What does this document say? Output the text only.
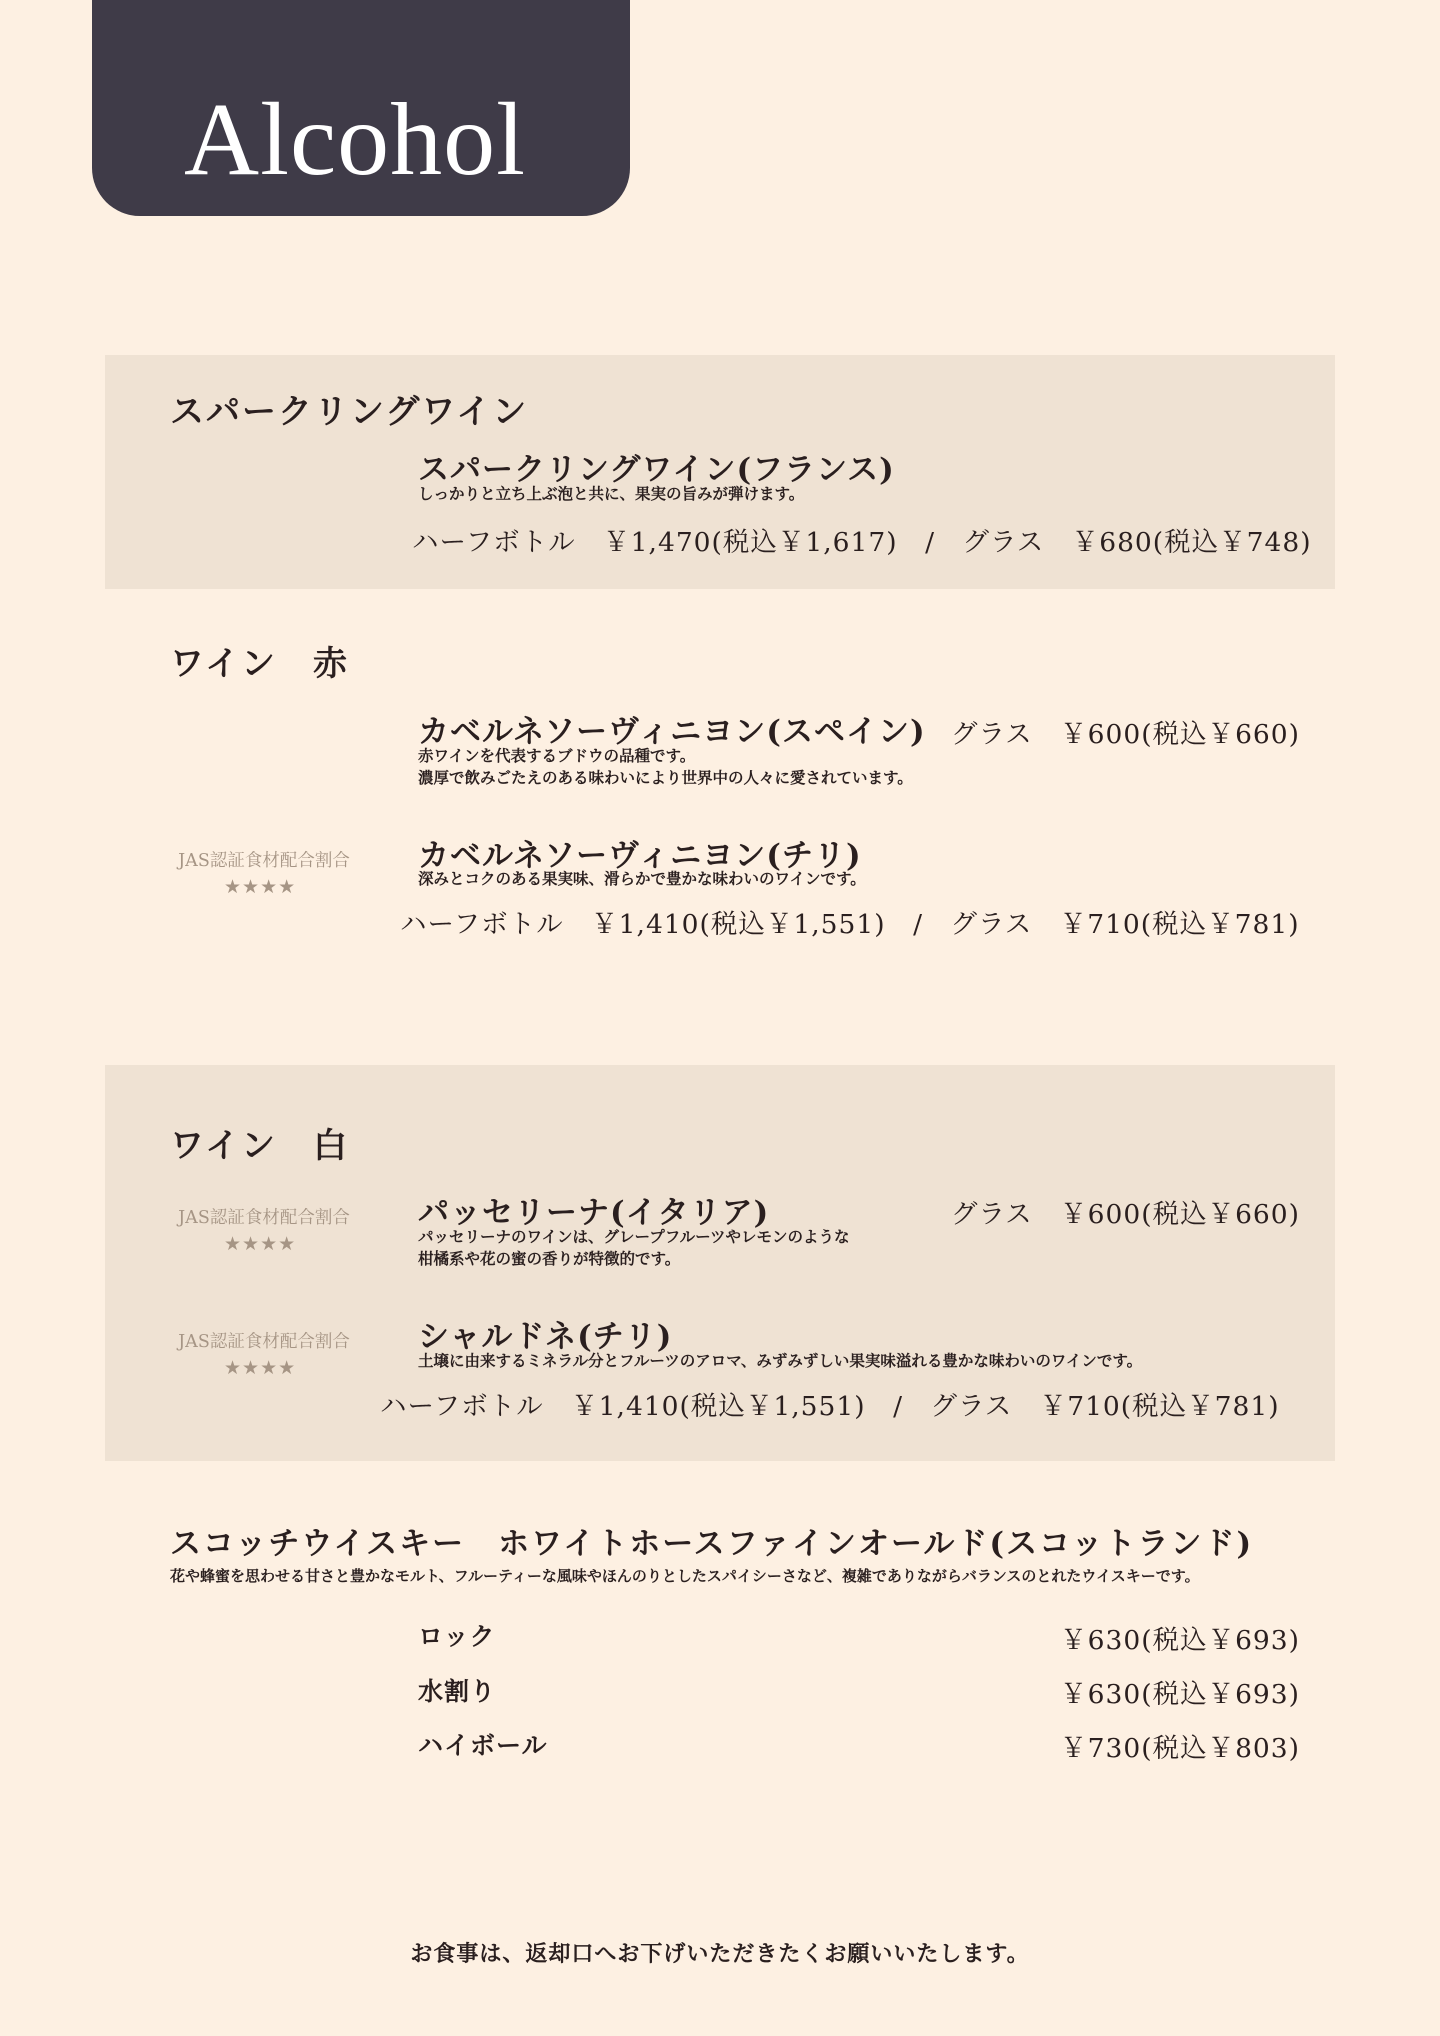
Alcohol
スパークリングワイン
スパークリングワイン(フランス)
しっかりと立ち上ぶ泡と共に、果実の旨みが弾けます。
ハーフボトル　￥1,470(税込￥1,617)　/　グラス　￥680(税込￥748)
ワイン　赤
カベルネソーヴィニヨン(スペイン) グラス　￥600(税込￥660)
赤ワインを代表するブドウの品種です。
濃厚で飲みごたえのある味わいにより世界中の人々に愛されています。
JAS認証食材配合割合
★★★★
カベルネソーヴィニヨン(チリ)
深みとコクのある果実味、滑らかで豊かな味わいのワインです。
ハーフボトル　￥1,410(税込￥1,551)　/　グラス　￥710(税込￥781)
ワイン　白
JAS認証食材配合割合
★★★★
パッセリーナ(イタリア)	グラス　￥600(税込￥660)
パッセリーナのワインは、グレープフルーツやレモンのような
柑橘系や花の蜜の香りが特徴的です。
JAS認証食材配合割合
★★★★
シャルドネ(チリ)
土壌に由来するミネラル分とフルーツのアロマ、みずみずしい果実味溢れる豊かな味わいのワインです。
ハーフボトル　￥1,410(税込￥1,551)　/　グラス　￥710(税込￥781)
スコッチウイスキー　ホワイトホースファインオールド(スコットランド)
花や蜂蜜を思わせる甘さと豊かなモルト、フルーティーな風味やほんのりとしたスパイシーさなど、複雑でありながらバランスのとれたウイスキーです。
ロック	￥630(税込￥693)
水割り	￥630(税込￥693)
ハイボール	￥730(税込￥803)
お食事は、返却口へお下げいただきたくお願いいたします。
